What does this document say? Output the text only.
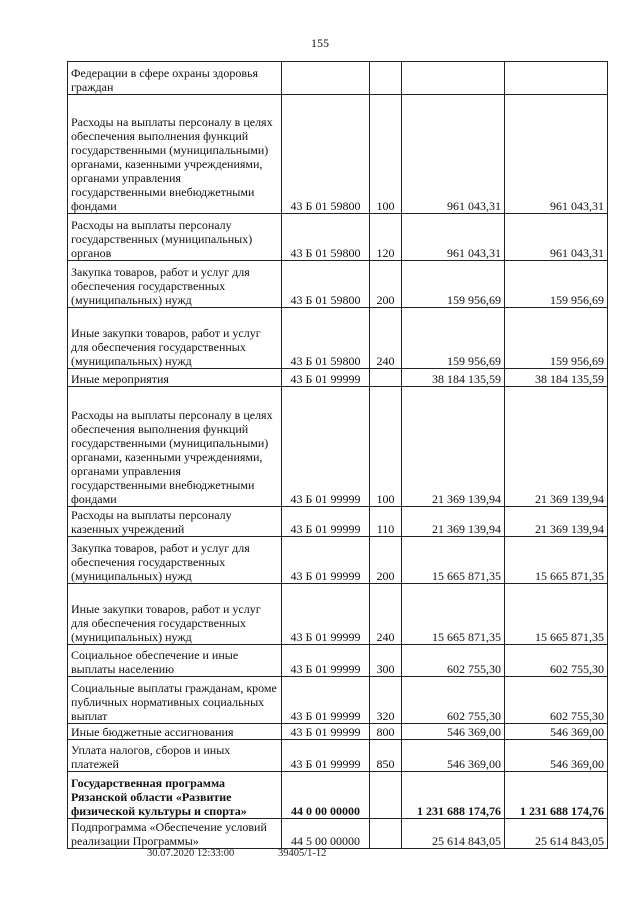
155
Федерации в сфере охраны здоровья граждан				
Расходы на выплаты персоналу в целях обеспечения выполнения функций государственными (муниципальными) органами, казенными учреждениями, органами управления государственными внебюджетными фондами	43 Б 01 59800	100	961 043,31	961 043,31
Расходы на выплаты персоналу государственных (муниципальных) органов	43 Б 01 59800	120	961 043,31	961 043,31
Закупка товаров, работ и услуг для обеспечения государственных (муниципальных) нужд	43 Б 01 59800	200	159 956,69	159 956,69
Иные закупки товаров, работ и услуг для обеспечения государственных (муниципальных) нужд	43 Б 01 59800	240	159 956,69	159 956,69
Иные мероприятия	43 Б 01 99999		38 184 135,59	38 184 135,59
Расходы на выплаты персоналу в целях обеспечения выполнения функций государственными (муниципальными) органами, казенными учреждениями, органами управления государственными внебюджетными фондами	43 Б 01 99999	100	21 369 139,94	21 369 139,94
Расходы на выплаты персоналу казенных учреждений	43 Б 01 99999	110	21 369 139,94	21 369 139,94
Закупка товаров, работ и услуг для обеспечения государственных (муниципальных) нужд	43 Б 01 99999	200	15 665 871,35	15 665 871,35
Иные закупки товаров, работ и услуг для обеспечения государственных (муниципальных) нужд	43 Б 01 99999	240	15 665 871,35	15 665 871,35
Социальное обеспечение и иные выплаты населению	43 Б 01 99999	300	602 755,30	602 755,30
Социальные выплаты гражданам, кроме публичных нормативных социальных выплат	43 Б 01 99999	320	602 755,30	602 755,30
Иные бюджетные ассигнования	43 Б 01 99999	800	546 369,00	546 369,00
Уплата налогов, сборов и иных платежей	43 Б 01 99999	850	546 369,00	546 369,00
Государственная программа Рязанской области «Развитие физической культуры и спорта»	44 0 00 00000		1 231 688 174,76	1 231 688 174,76
Подпрограмма «Обеспечение условий реализации Программы»	44 5 00 00000		25 614 843,05	25 614 843,05
30.07.2020 12:33:00	39405/1-12
